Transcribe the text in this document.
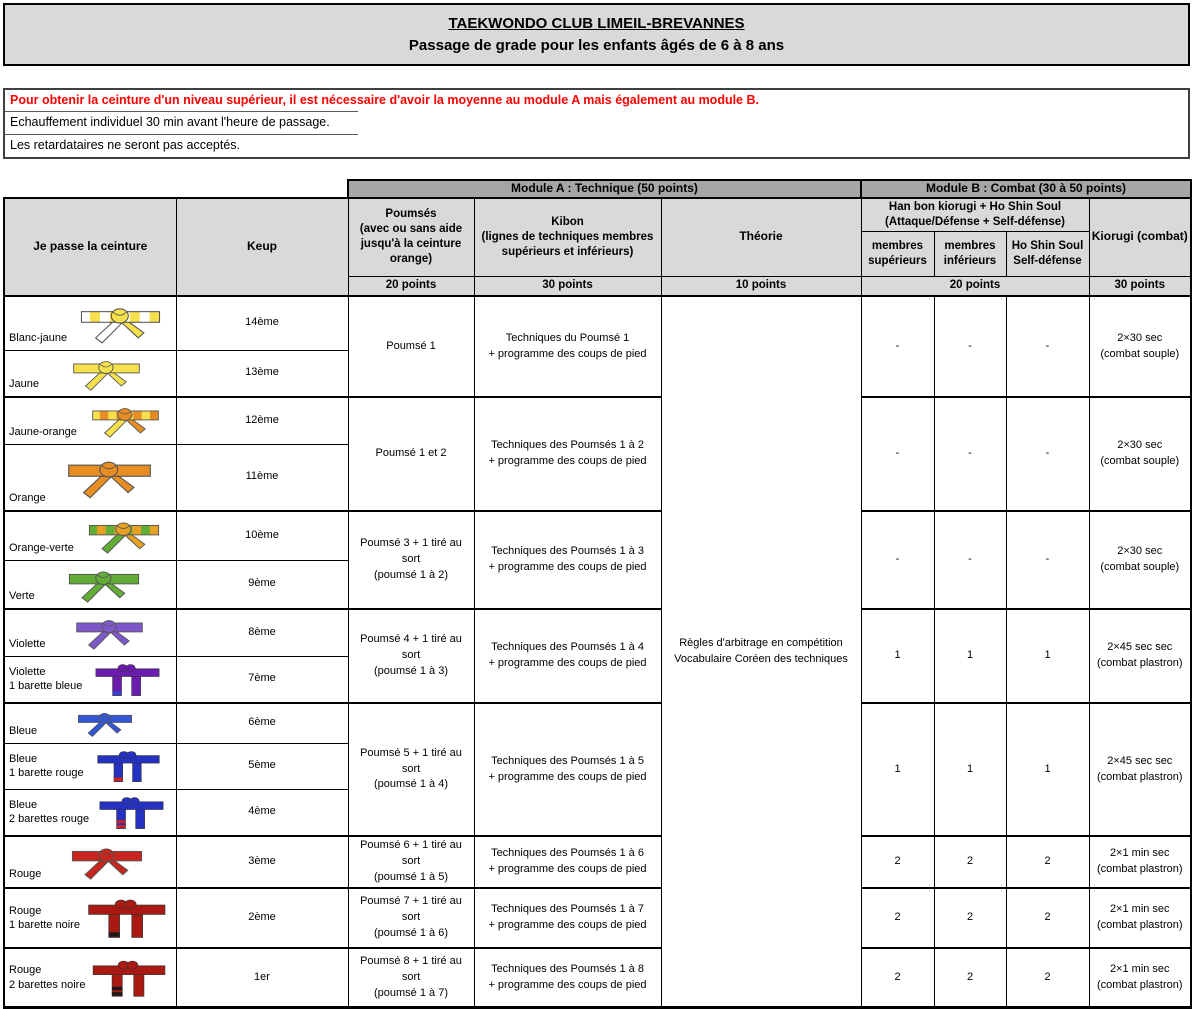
TAEKWONDO CLUB LIMEIL-BREVANNES
Passage de grade pour les enfants âgés de 6 à 8 ans
Pour obtenir la ceinture d'un niveau supérieur, il est nécessaire d'avoir la moyenne au module A mais également au module B.
Echauffement individuel 30 min avant l'heure de passage.
Les retardataires ne seront pas acceptés.
		Module A : Technique (50 points)			Module B : Combat (30 à 50 points)			
Je passe la ceinture	Keup	Poumsés
(avec ou sans aide
jusqu'à la ceinture
orange)	Kibon
(lignes de techniques membres
supérieurs et inférieurs)	Théorie	Han bon kiorugi + Ho Shin Soul
(Attaque/Défense + Self-défense)			Kiorugi (combat)
					membres
supérieurs	membres
inférieurs	Ho Shin Soul
Self-défense	
		20 points	30 points	10 points	20 points			30 points

Blanc-jaune	14ème	Poumsé 1	Techniques du Poumsé 1
+ programme des coups de pied	Règles d'arbitrage en compétition
Vocabulaire Coréen des techniques	-	-	-	2×30 sec
(combat souple)

Jaune	13ème							

Jaune-orange	12ème	Poumsé 1 et 2	Techniques des Poumsés 1 à 2
+ programme des coups de pied		-	-	-	2×30 sec
(combat souple)

Orange	11ème							

Orange-verte	10ème	Poumsé 3 + 1 tiré au sort
(poumsé 1 à 2)	Techniques des Poumsés 1 à 3
+ programme des coups de pied		-	-	-	2×30 sec
(combat souple)

Verte	9ème							

Violette	8ème	Poumsé 4 + 1 tiré au sort
(poumsé 1 à 3)	Techniques des Poumsés 1 à 4
+ programme des coups de pied		1	1	1	2×45 sec sec
(combat plastron)

Violette
1 barette bleue	7ème							

Bleue	6ème	Poumsé 5 + 1 tiré au sort
(poumsé 1 à 4)	Techniques des Poumsés 1 à 5
+ programme des coups de pied		1	1	1	2×45 sec sec
(combat plastron)

Bleue
1 barette rouge	5ème							

Bleue
2 barettes rouge	4ème							

Rouge	3ème	Poumsé 6 + 1 tiré au sort
(poumsé 1 à 5)	Techniques des Poumsés 1 à 6
+ programme des coups de pied		2	2	2	2×1 min sec
(combat plastron)

Rouge
1 barette noire	2ème	Poumsé 7 + 1 tiré au sort
(poumsé 1 à 6)	Techniques des Poumsés 1 à 7
+ programme des coups de pied		2	2	2	2×1 min sec
(combat plastron)

Rouge
2 barettes noire	1er	Poumsé 8 + 1 tiré au sort
(poumsé 1 à 7)	Techniques des Poumsés 1 à 8
+ programme des coups de pied		2	2	2	2×1 min sec
(combat plastron)
